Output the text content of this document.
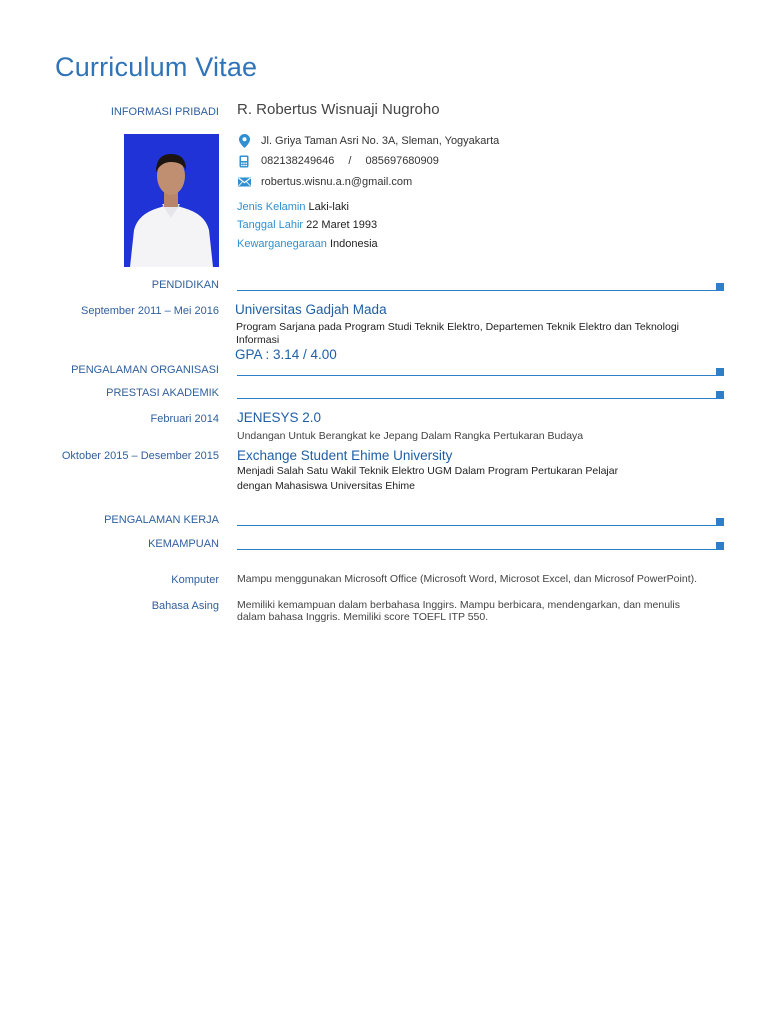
Curriculum Vitae
INFORMASI PRIBADI R. Robertus Wisnuaji Nugroho
Jl. Griya Taman Asri No. 3A, Sleman, Yogyakarta
082138249646 / 085697680909
robertus.wisnu.a.n@gmail.com
Jenis Kelamin Laki-laki
Tanggal Lahir 22 Maret 1993
Kewarganegaraan Indonesia
PENDIDIKAN
September 2011 – Mei 2016 Universitas Gadjah Mada
Program Sarjana pada Program Studi Teknik Elektro, Departemen Teknik Elektro dan Teknologi Informasi
GPA : 3.14 / 4.00
PENGALAMAN ORGANISASI
PRESTASI AKADEMIK
Februari 2014 JENESYS 2.0
Undangan Untuk Berangkat ke Jepang Dalam Rangka Pertukaran Budaya
Oktober 2015 – Desember 2015 Exchange Student Ehime University
Menjadi Salah Satu Wakil Teknik Elektro UGM Dalam Program Pertukaran Pelajar
dengan Mahasiswa Universitas Ehime
PENGALAMAN KERJA
KEMAMPUAN
Komputer Mampu menggunakan Microsoft Office (Microsoft Word, Microsot Excel, dan Microsof PowerPoint).
Bahasa Asing Memiliki kemampuan dalam berbahasa Inggirs. Mampu berbicara, mendengarkan, dan menulis dalam bahasa Inggris. Memiliki score TOEFL ITP 550.
